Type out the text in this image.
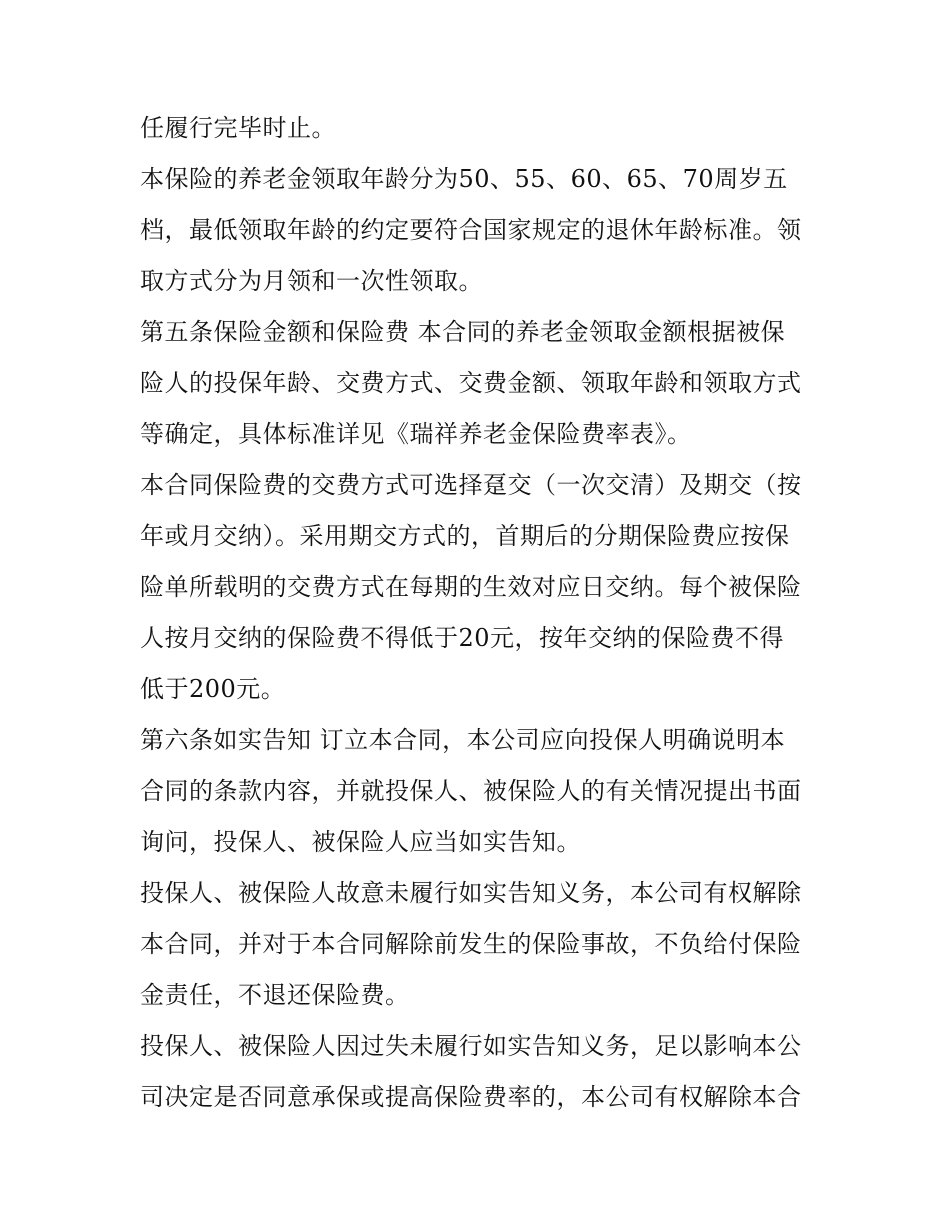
任履行完毕时止。
本保险的养老金领取年龄分为50、55、60、65、70周岁五
档，最低领取年龄的约定要符合国家规定的退休年龄标准。领
取方式分为月领和一次性领取。
第五条保险金额和保险费 本合同的养老金领取金额根据被保
险人的投保年龄、交费方式、交费金额、领取年龄和领取方式
等确定，具体标准详见《瑞祥养老金保险费率表》。
本合同保险费的交费方式可选择趸交（一次交清）及期交（按
年或月交纳）。采用期交方式的，首期后的分期保险费应按保
险单所载明的交费方式在每期的生效对应日交纳。每个被保险
人按月交纳的保险费不得低于20元，按年交纳的保险费不得
低于200元。
第六条如实告知 订立本合同，本公司应向投保人明确说明本
合同的条款内容，并就投保人、被保险人的有关情况提出书面
询问，投保人、被保险人应当如实告知。
投保人、被保险人故意未履行如实告知义务，本公司有权解除
本合同，并对于本合同解除前发生的保险事故，不负给付保险
金责任，不退还保险费。
投保人、被保险人因过失未履行如实告知义务，足以影响本公
司决定是否同意承保或提高保险费率的，本公司有权解除本合
